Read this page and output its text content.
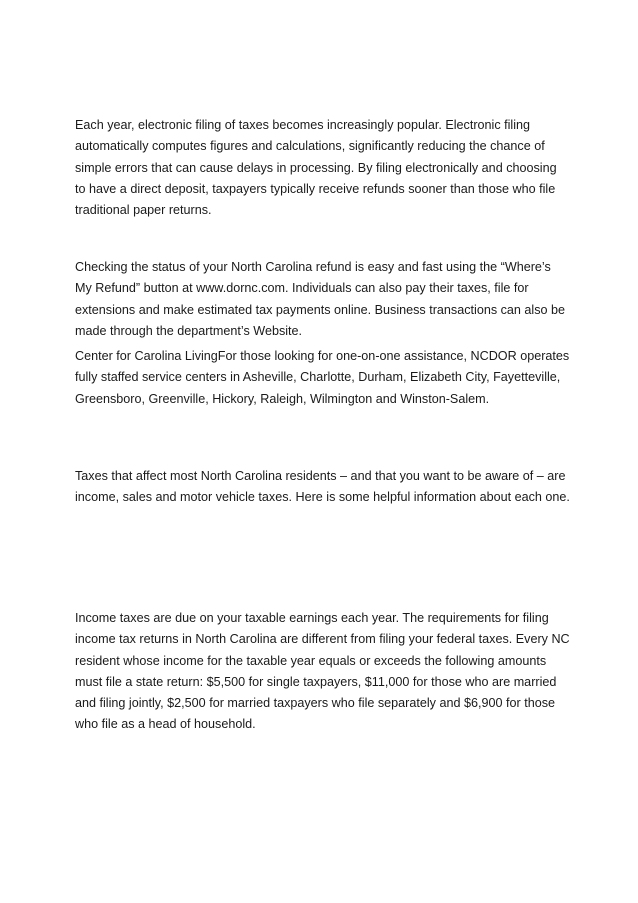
Each year, electronic filing of taxes becomes increasingly popular. Electronic filing automatically computes figures and calculations, significantly reducing the chance of simple errors that can cause delays in processing. By filing electronically and choosing to have a direct deposit, taxpayers typically receive refunds sooner than those who file traditional paper returns.

Checking the status of your North Carolina refund is easy and fast using the “Where’s My Refund” button at www.dornc.com. Individuals can also pay their taxes, file for extensions and make estimated tax payments online. Business transactions can also be made through the department’s Website.

Center for Carolina LivingFor those looking for one-on-one assistance, NCDOR operates fully staffed service centers in Asheville, Charlotte, Durham, Elizabeth City, Fayetteville, Greensboro, Greenville, Hickory, Raleigh, Wilmington and Winston-Salem.

Taxes that affect most North Carolina residents – and that you want to be aware of – are income, sales and motor vehicle taxes. Here is some helpful information about each one.

Income taxes are due on your taxable earnings each year. The requirements for filing income tax returns in North Carolina are different from filing your federal taxes. Every NC resident whose income for the taxable year equals or exceeds the following amounts must file a state return: $5,500 for single taxpayers, $11,000 for those who are married and filing jointly, $2,500 for married taxpayers who file separately and $6,900 for those who file as a head of household.
